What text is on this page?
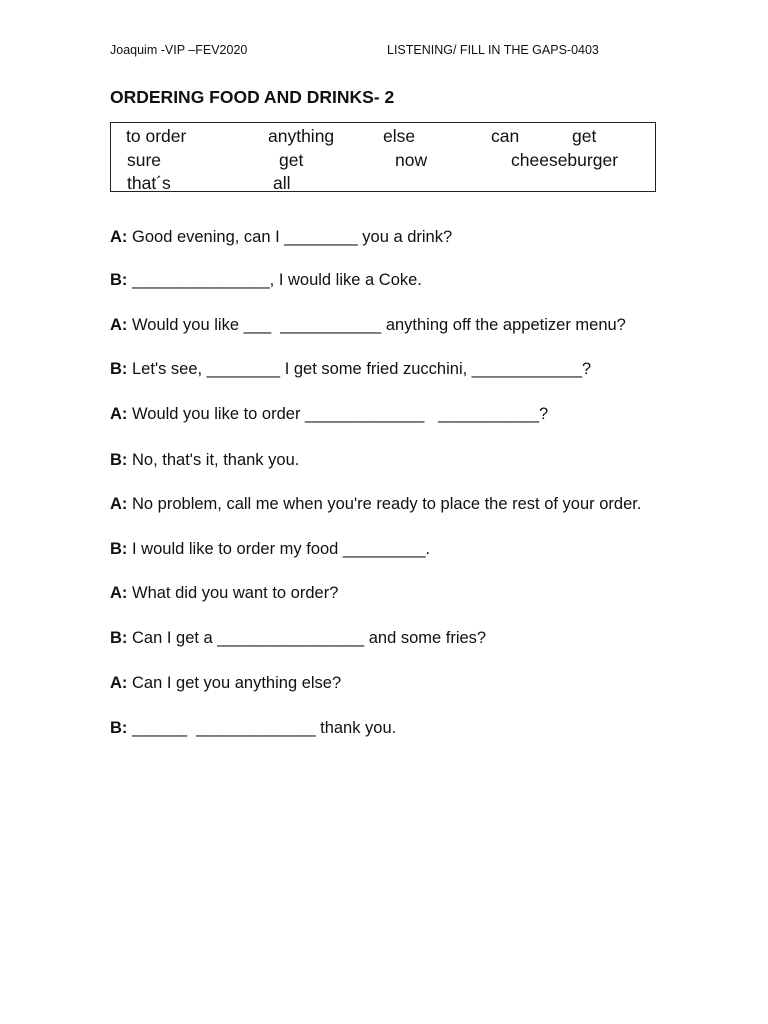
Joaquim -VIP –FEV2020	LISTENING/ FILL IN THE GAPS-0403
ORDERING FOOD AND DRINKS- 2
to order	anything	else	can	get
sure	get	now	cheeseburger
that´s	all
A: Good evening, can I ________ you a drink?
B: _______________, I would like a Coke.
A: Would you like ___  ___________ anything off the appetizer menu?
B: Let's see, ________ I get some fried zucchini, ____________?
A: Would you like to order _____________   ___________?
B: No, that's it, thank you.
A: No problem, call me when you're ready to place the rest of your order.
B: I would like to order my food _________.
A: What did you want to order?
B: Can I get a ________________ and some fries?
A: Can I get you anything else?
B: ______  _____________ thank you.
